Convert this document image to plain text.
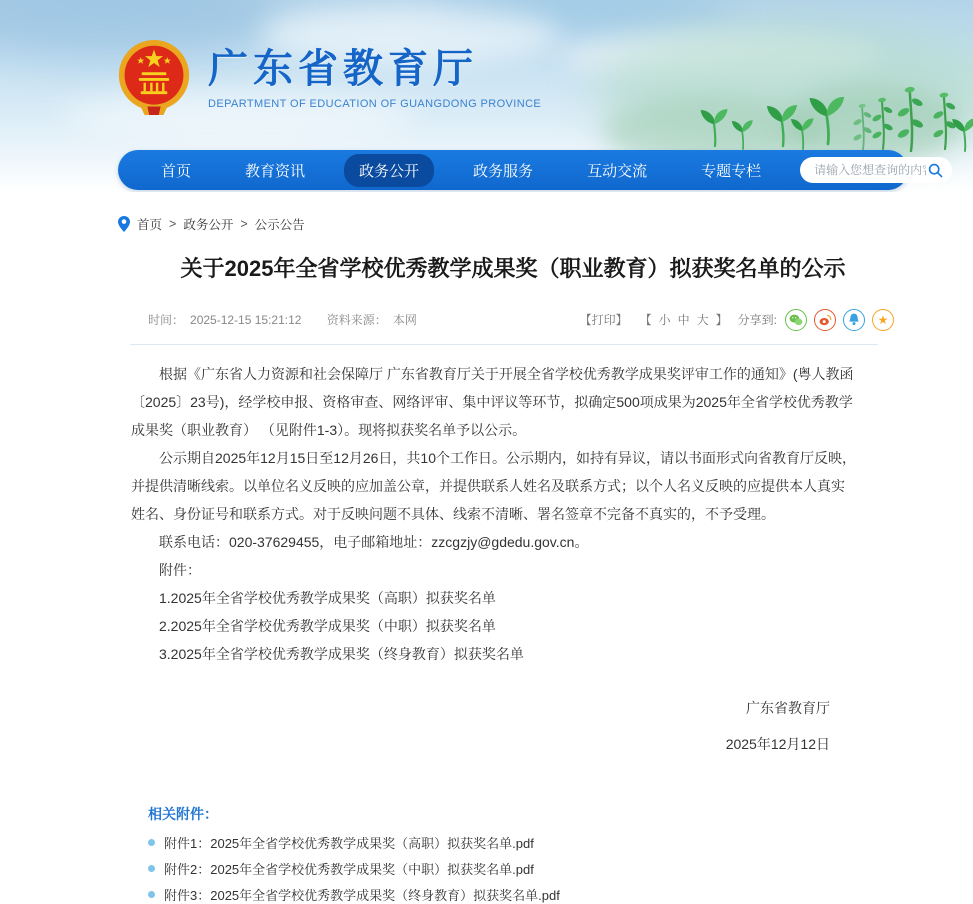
广东省教育厅
DEPARTMENT OF EDUCATION OF GUANGDONG PROVINCE
首页	教育资讯	政务公开	政务服务	互动交流	专题专栏
请输入您想查询的内容
首页 > 政务公开 > 公示公告
关于2025年全省学校优秀教学成果奖（职业教育）拟获奖名单的公示
时间： 2025-12-15 15:21:12 资料来源： 本网	【打印】 【 小 中 大 】 分享到:	★

根据《广东省人力资源和社会保障厅 广东省教育厅关于开展全省学校优秀教学成果奖评审工作的通知》(粤人教函〔2025〕23号)，经学校申报、资格审查、网络评审、集中评议等环节，拟确定500项成果为2025年全省学校优秀教学成果奖（职业教育） （见附件1-3）。现将拟获奖名单予以公示。

公示期自2025年12月15日至12月26日，共10个工作日。公示期内，如持有异议，请以书面形式向省教育厅反映，并提供清晰线索。以单位名义反映的应加盖公章，并提供联系人姓名及联系方式；以个人名义反映的应提供本人真实姓名、身份证号和联系方式。对于反映问题不具体、线索不清晰、署名签章不完备不真实的，不予受理。

联系电话：020-37629455，电子邮箱地址：zzcgzjy@gdedu.gov.cn。

附件：

1.2025年全省学校优秀教学成果奖（高职）拟获奖名单

2.2025年全省学校优秀教学成果奖（中职）拟获奖名单

3.2025年全省学校优秀教学成果奖（终身教育）拟获奖名单

广东省教育厅

2025年12月12日

相关附件：
附件1：2025年全省学校优秀教学成果奖（高职）拟获奖名单.pdf
附件2：2025年全省学校优秀教学成果奖（中职）拟获奖名单.pdf
附件3：2025年全省学校优秀教学成果奖（终身教育）拟获奖名单.pdf
